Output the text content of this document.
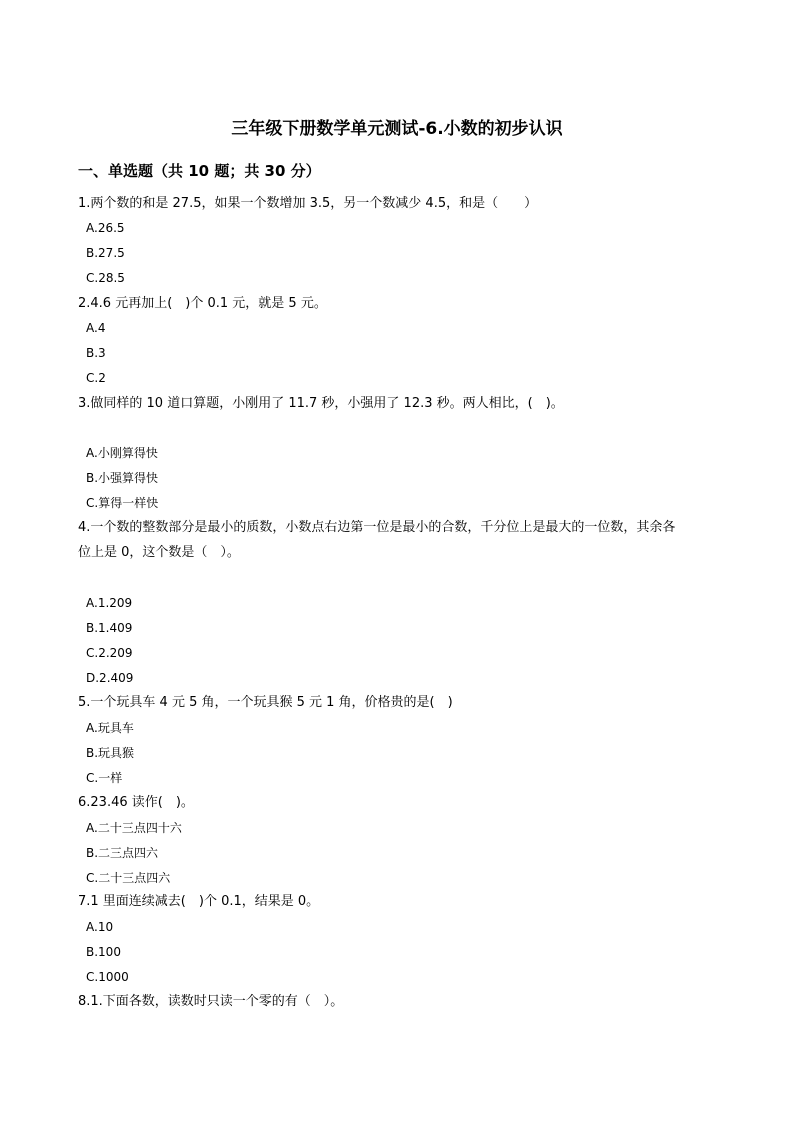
三年级下册数学单元测试-6.小数的初步认识
一、单选题（共 10 题；共 30 分）
1.两个数的和是 27.5，如果一个数增加 3.5，另一个数减少 4.5，和是（　　）
A.26.5
B.27.5
C.28.5
2.4.6 元再加上(　)个 0.1 元，就是 5 元。
A.4
B.3
C.2
3.做同样的 10 道口算题，小刚用了 11.7 秒，小强用了 12.3 秒。两人相比，(　)。
A.小刚算得快
B.小强算得快
C.算得一样快
4.一个数的整数部分是最小的质数，小数点右边第一位是最小的合数，千分位上是最大的一位数，其余各
位上是 0，这个数是（　）。
A.1.209
B.1.409
C.2.209
D.2.409
5.一个玩具车 4 元 5 角，一个玩具猴 5 元 1 角，价格贵的是(　)
A.玩具车
B.玩具猴
C.一样
6.23.46 读作(　)。
A.二十三点四十六
B.二三点四六
C.二十三点四六
7.1 里面连续减去(　)个 0.1，结果是 0。
A.10
B.100
C.1000
8.1.下面各数，读数时只读一个零的有（　）。
